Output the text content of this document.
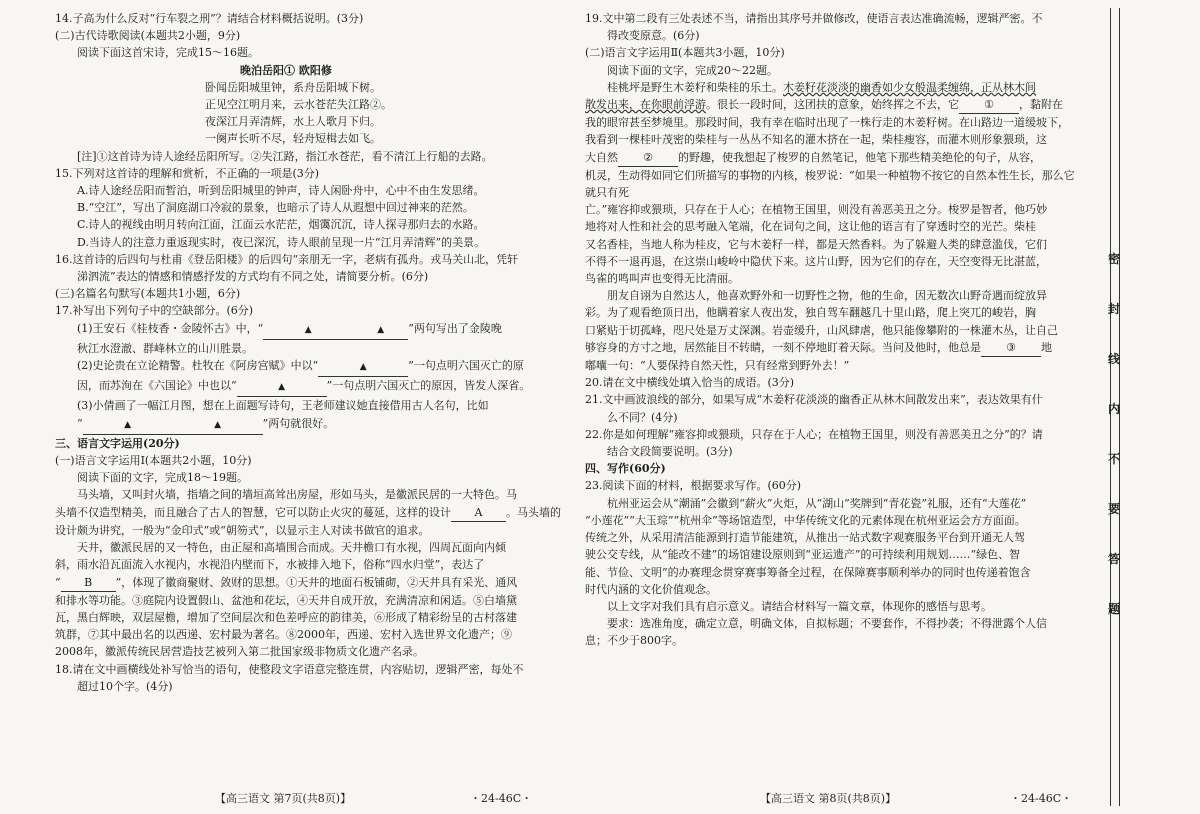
14.子高为什么反对“行车裂之刑”？请结合材料概括说明。(3分)

(二)古代诗歌阅读(本题共2小题，9分)

阅读下面这首宋诗，完成15～16题。

晚泊岳阳① 欧阳修

卧闻岳阳城里钟，系舟岳阳城下树。

正见空江明月来，云水苍茫失江路②。

夜深江月弄清辉，水上人歌月下归。

一阕声长听不尽，轻舟短楫去如飞。

[注]①这首诗为诗人途经岳阳所写。②失江路，指江水苍茫，看不清江上行船的去路。

15.下列对这首诗的理解和赏析，不正确的一项是(3分)

A.诗人途经岳阳而暂泊，听到岳阳城里的钟声，诗人闲卧舟中，心中不由生发思绪。

B.“空江”，写出了洞庭湖口冷寂的景象，也暗示了诗人从遐想中回过神来的茫然。

C.诗人的视线由明月转向江面，江面云水茫茫，烟霭沉沉，诗人探寻那归去的水路。

D.当诗人的注意力重返现实时，夜已深沉，诗人眼前呈现一片“江月弄清辉”的美景。

16.这首诗的后四句与杜甫《登岳阳楼》的后四句“亲朋无一字，老病有孤舟。戎马关山北，凭轩

涕泗流”表达的情感和情感抒发的方式均有不同之处，请简要分析。(6分)

(三)名篇名句默写(本题共1小题，6分)

17.补写出下列句子中的空缺部分。(6分)

(1)王安石《桂枝香・金陵怀古》中，“	▲	▲ ”两句写出了金陵晚

秋江水澄澈、群峰林立的山川胜景。

(2)史论贵在立论精警。杜牧在《阿房宫赋》中以“	▲	”一句点明六国灭亡的原

因，而苏洵在《六国论》中也以“	▲	”一句点明六国灭亡的原因，皆发人深省。

(3)小倩画了一幅江月图，想在上面题写诗句，王老师建议她直接借用古人名句，比如

“	▲	▲	”两句就很好。

三、语言文字运用(20分)

(一)语言文字运用Ⅰ(本题共2小题，10分)

阅读下面的文字，完成18～19题。

马头墙，又叫封火墙，指墙之间的墙垣高耸出房屋，形如马头，是徽派民居的一大特色。马

头墙不仅造型精美，而且融合了古人的智慧，它可以防止火灾的蔓延，这样的设计 A 。马头墙的

设计颇为讲究，一般为“金印式”或“朝笏式”，以显示主人对读书做官的追求。

天井，徽派民居的又一特色，由正屋和高墙围合而成。天井檐口有水视，四周瓦面向内倾

斜，雨水沿瓦面流入水视内，水视沿内壁而下，水被排入地下，俗称“四水归堂”，表达了

“ B ”，体现了徽商聚财、敛财的思想。①天井的地面石板铺砌，②天井具有采光、通风

和排水等功能。③庭院内设置假山、盆池和花坛，④天井自成开放，充满清凉和闲适。⑤白墙黛

瓦，黑白辉映，双层屋檐，增加了空间层次和色差呼应的韵律美，⑥形成了精彩纷呈的古村落建

筑群，⑦其中最出名的以西递、宏村最为著名。⑧2000年，西递、宏村入选世界文化遗产；⑨

2008年，徽派传统民居营造技艺被列入第二批国家级非物质文化遗产名录。

18.请在文中画横线处补写恰当的语句，使整段文字语意完整连贯，内容贴切，逻辑严密，每处不

超过10个字。(4分)

【高三语文 第7页(共8页)】	・24-46C・

19.文中第二段有三处表述不当，请指出其序号并做修改，使语言表达准确流畅，逻辑严密。不

得改变原意。(6分)

(二)语言文字运用Ⅱ(本题共3小题，10分)

阅读下面的文字，完成20～22题。

桂桃坪是野生木姜籽和柴桂的乐土。木姜籽花淡淡的幽香如少女般温柔缠绵，正从林木间

散发出来，在你眼前浮游。很长一段时间，这团扶的意象，始终挥之不去，它 ① ，黏附在

我的眼帘甚至梦境里。那段时间，我有幸在临时出现了一株行走的木姜籽树。在山路边一道缓坡下，

我看到一棵桂叶茂密的柴桂与一丛丛不知名的灌木挤在一起，柴桂瘦容，而灌木则形象猥琐，这

大自然 ② 的野趣，使我想起了梭罗的自然笔记，他笔下那些精美绝伦的句子，从容，

机灵，生动得如同它们所描写的事物的内核，梭罗说：“如果一种植物不按它的自然本性生长，那么它就只有死

亡。”雍容抑或猥琐，只存在于人心；在植物王国里，则没有善恶美丑之分。梭罗是智者，他巧妙

地将对人性和社会的思考融入笔端，化在词句之间，这让他的语言有了穿透时空的光芒。柴桂

又名香桂，当地人称为桂皮，它与木姜籽一样，都是天然香料。为了躲避人类的肆意滥伐，它们

不得不一退再退，在这崇山峻岭中隐伏下来。这片山野，因为它们的存在，天空变得无比湛蓝，

鸟雀的鸣叫声也变得无比清丽。

朋友自诩为自然达人，他喜欢野外和一切野性之物，他的生命，因无数次山野奇遇而绽放异

彩。为了观看绝顶日出，他瞒着家人夜出发，独自驾车翻越几十里山路，爬上突兀的峻岩，胸

口紧贴于切孤峰，咫尺处是万丈深渊。岩壶缓升，山风肆虐，他只能像攀附的一株灌木丛，让自己

够容身的方寸之地，居然能目不转睛，一刻不停地盯着天际。当问及他时，他总是 ③ 地

嘟囔一句：“人要保持自然天性，只有经常到野外去！”

20.请在文中横线处填入恰当的成语。(3分)

21.文中画波浪线的部分，如果写成“木姜籽花淡淡的幽香正从林木间散发出来”，表达效果有什

么不同？(4分)

22.你是如何理解“雍容抑或猥琐，只存在于人心；在植物王国里，则没有善恶美丑之分”的？请

结合文段简要说明。(3分)

四、写作(60分)

23.阅读下面的材料，根据要求写作。(60分)

杭州亚运会从“潮涌”会徽到“薪火”火炬，从“湖山”奖牌到“青花瓷”礼服，还有“大莲花”

“小莲花”“大玉琮”“杭州伞”等场馆造型，中华传统文化的元素体现在杭州亚运会方方面面。

传统之外，从采用清洁能源到打造节能建筑，从推出一站式数字观赛服务平台到开通无人驾

驶公交专线，从“能改不建”的场馆建设原则到“亚运遗产”的可持续利用规划……“绿色、智

能、节俭、文明”的办赛理念贯穿赛事筹备全过程，在保障赛事顺利举办的同时也传递着饱含

时代内涵的文化价值观念。

以上文字对我们具有启示意义。请结合材料写一篇文章，体现你的感悟与思考。

要求：选准角度，确定立意，明确文体，自拟标题；不要套作，不得抄袭；不得泄露个人信

息；不少于800字。

【高三语文 第8页(共8页)】	・24-46C・
密
封
线
内
不
要
答
题
